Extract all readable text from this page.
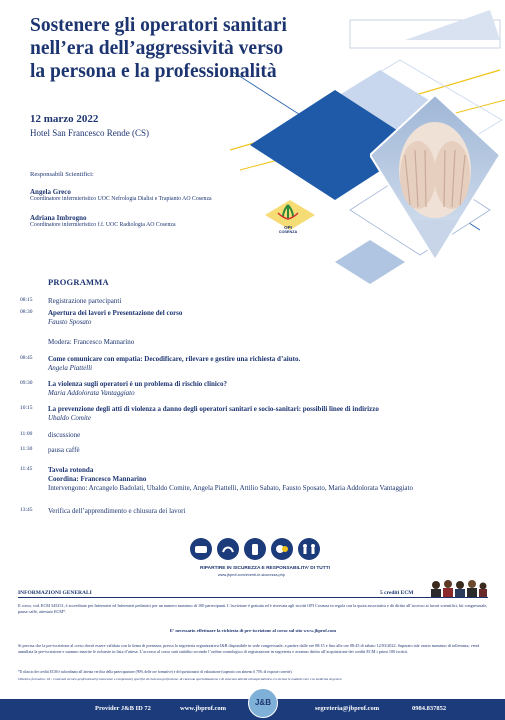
Sostenere gli operatori sanitari
nell’era dell’aggressività verso
la persona e la professionalità
12 marzo 2022
Hotel San Francesco Rende (CS)
Responsabili Scientifici:
Angela Greco
Coordinatore infermieristico UOC Nefrologia Dialisi e Trapianto AO Cosenza
Adriana Imbrogno
Coordinatore infermieristico f.f. UOC Radiologia AO Cosenza	OPI
COSENZA
PROGRAMMA
08:15 Registrazione partecipanti
08:30 Apertura dei lavori e Presentazione del corso
Fausto Sposato
Modera: Francesco Mannarino
08:45 Come comunicare con empatia: Decodificare, rilevare e gestire una richiesta d’aiuto.
Angela Piattelli
09:30 La violenza sugli operatori è un problema di rischio clinico?
Maria Addolorata Vantaggiato
10:15 La prevenzione degli atti di violenza a danno degli operatori sanitari e socio-sanitari: possibili linee di indirizzo
Ubaldo Comite
11:00 discussione
11:30 pausa caffè
11:45 Tavola rotonda
Coordina: Francesco Mannarino
Intervengono: Arcangelo Badolati, Ubaldo Comite, Angela Piattelli, Attilio Sabato, Fausto Sposato, Maria Addolorata Vantaggiato
13:45 Verifica dell’apprendimento e chiusura dei lavori
RIPARTIRE IN SICUREZZA E RESPONSABILITA’ DI TUTTI
www.jbprof.com/eventi-in-sicurezza.php
INFORMAZIONI GENERALI	5 crediti ECM
Il corso, cod. ECM 345231, è accreditato per Infermieri ed Infermieri pediatrici per un numero massimo di 100 partecipanti. L’iscrizione è gratuita ed è riservata agli iscritti OPI Cosenza in regola con la quota associativa e dà diritto all’accesso ai lavori scientifici, kit congressuale, pausa caffè, attestato ECM*.
E’ necessario effettuare la richiesta di pre-iscrizione al corso sul sito www.jbprof.com
Si precisa che la pre-iscrizione al corso dovrà essere validata con la firma di presenza, presso la segreteria organizzativa J&B disponibile in sede congressuale, a partire dalle ore 08:15 e fino alle ore 08:45 di sabato 12/03/2022. Superato tale orario massimo di tolleranza, verrà annullata la pre-iscrizione e saranno inserite le richieste in lista d’attesa. L’accesso al corso sarà stabilito secondo l’ordine cronologico di registrazione in segreteria e avranno diritto all’acquisizione dei crediti ECM i primi 100 iscritti.
*Il rilascio dei crediti ECM è subordinato all’attenta verifica della partecipazione (90% delle ore formative) e del questionario di valutazione (superato con almeno il 75% di risposte corrette).
Obiettivo formativo: 18 - Contenuti tecnico-professionali (conoscenze e competenze) specifici di ciascuna professione, di ciascuna specializzazione e di ciascuna attività ultraspecialistica, ivi incluse le malattie rare e la medicina di genere.
Provider J&B ID 72	www.jbprof.com	segreteria@jbprof.com	0984.837852
J&B
